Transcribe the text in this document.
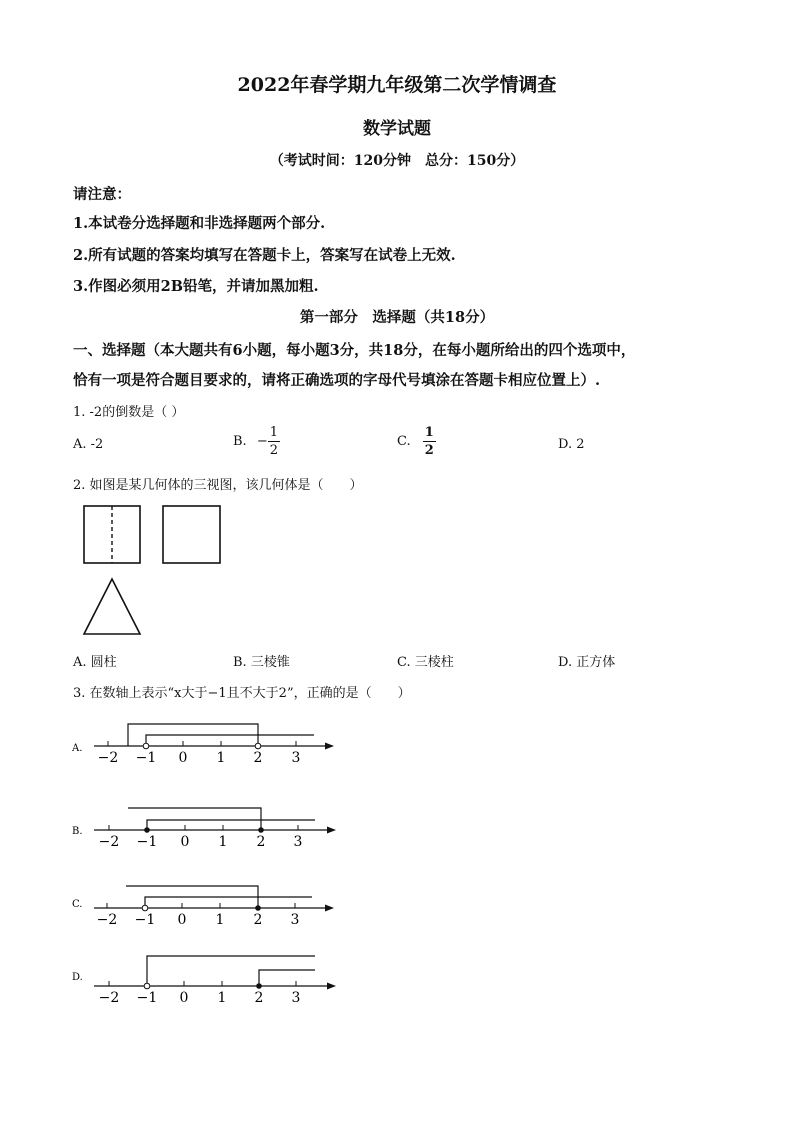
2022年春学期九年级第二次学情调查
数学试题
（考试时间：120分钟　总分：150分）
请注意：
1.本试卷分选择题和非选择题两个部分.
2.所有试题的答案均填写在答题卡上，答案写在试卷上无效.
3.作图必须用2B铅笔，并请加黑加粗.
第一部分　选择题（共18分）
一、选择题（本大题共有6小题，每小题3分，共18分，在每小题所给出的四个选项中，
恰有一项是符合题目要求的，请将正确选项的字母代号填涂在答题卡相应位置上）.
1. -2的倒数是（ ）
A. -2	B. − $\frac{1}{2}$	C. $\frac{1}{2}$	D. 2
2. 如图是某几何体的三视图，该几何体是（　　）
A. 圆柱	B. 三棱锥	C. 三棱柱	D. 正方体
3. 在数轴上表示“x大于−1且不大于2”，正确的是（　　）
A.
−2 −1 0 1 2 3
B.
−2 −1 0 1 2 3
C.
−2 −1 0 1 2 3
D.
−2 −1 0 1 2 3
